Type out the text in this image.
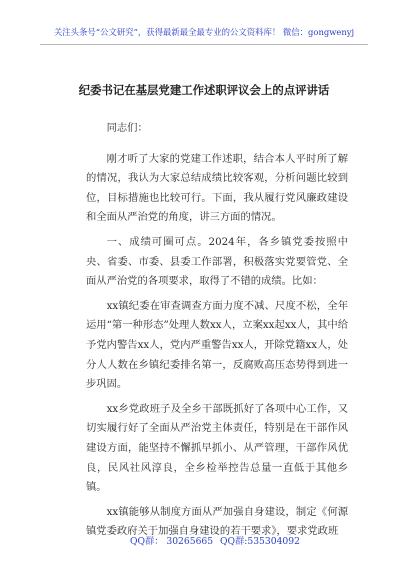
关注头条号“公文研究”，获得最新最全最专业的公文资料库！ 微信：gongwenyj
纪委书记在基层党建工作述职评议会上的点评讲话

同志们：

刚才听了大家的党建工作述职，结合本人平时所了解的情况，我认为大家总结成绩比较客观，分析问题比较到位，目标措施也比较可行。下面，我从履行党风廉政建设和全面从严治党的角度，讲三方面的情况。

一、成绩可圈可点。2024年，各乡镇党委按照中央、省委、市委、县委工作部署，积极落实党要管党、全面从严治党的各项要求，取得了不错的成绩。比如：

xx镇纪委在审查调查方面力度不减、尺度不松，全年运用“第一种形态”处理人数xx人，立案xx起xx人，其中给予党内警告xx人，党内严重警告xx人，开除党籍xx人，处分人人数在乡镇纪委排名第一，反腐败高压态势得到进一步巩固。

xx乡党政班子及全乡干部既抓好了各项中心工作，又切实履行好了全面从严治党主体责任，特别是在干部作风建设方面，能坚持不懈抓早抓小、从严管理，干部作风优良，民风社风淳良，全乡检举控告总量一直低于其他乡镇。

xx镇能够从制度方面从严加强自身建设，制定《何源镇党委政府关于加强自身建设的若干要求》，要求党政班

QQ群： 30265665 QQ群:535304092
